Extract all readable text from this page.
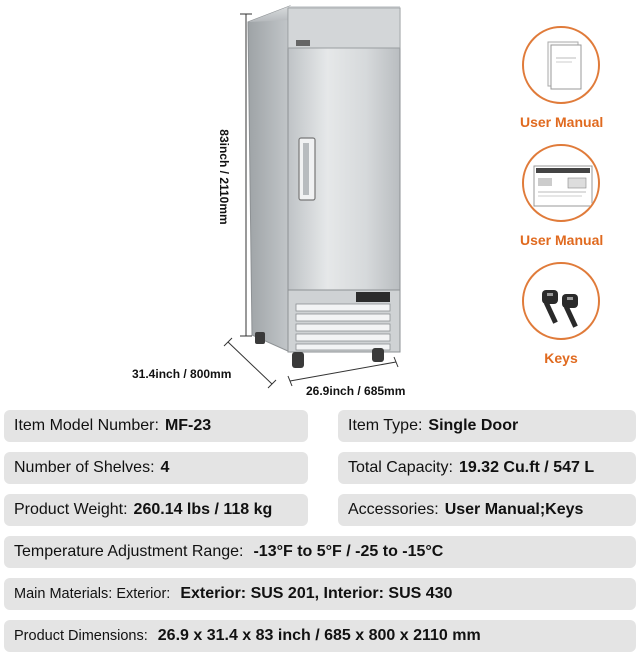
83inch / 2110mm
31.4inch / 800mm
26.9inch / 685mm
User Manual
User Manual
Keys
Item Model Number: MF-23	Item Type: Single Door
Number of Shelves: 4	Total Capacity: 19.32 Cu.ft / 547 L
Product Weight: 260.14 lbs / 118 kg	Accessories: User Manual;Keys
Temperature Adjustment Range: -13°F to 5°F / -25 to -15°C
Main Materials: Exterior: Exterior: SUS 201, Interior: SUS 430
Product Dimensions: 26.9 x 31.4 x 83 inch / 685 x 800 x 2110 mm
